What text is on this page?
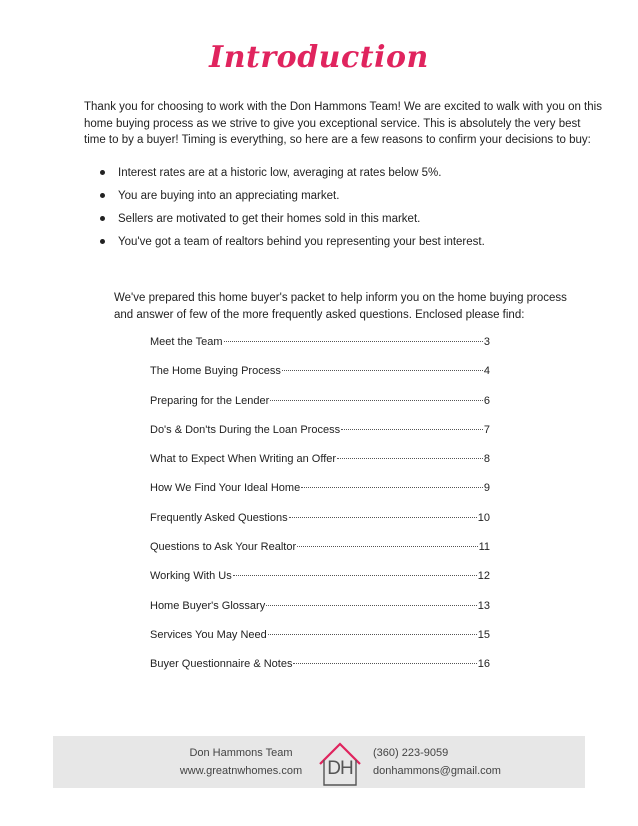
Introduction

Thank you for choosing to work with the Don Hammons Team! We are excited to walk with you on this home buying process as we strive to give you exceptional service. This is absolutely the very best time to by a buyer! Timing is everything, so here are a few reasons to confirm your decisions to buy:

Interest rates are at a historic low, averaging at rates below 5%.
You are buying into an appreciating market.
Sellers are motivated to get their homes sold in this market.
You've got a team of realtors behind you representing your best interest.

We've prepared this home buyer's packet to help inform you on the home buying process and answer of few of the more frequently asked questions. Enclosed please find:

Meet the Team	3
The Home Buying Process	4
Preparing for the Lender	6
Do's & Don'ts During the Loan Process	7
What to Expect When Writing an Offer	8
How We Find Your Ideal Home	9
Frequently Asked Questions	10
Questions to Ask Your Realtor	11
Working With Us	12
Home Buyer's Glossary	13
Services You May Need	15
Buyer Questionnaire & Notes	16
Don Hammons Team
www.greatnwhomes.com	DH
(360) 223-9059
donhammons@gmail.com
